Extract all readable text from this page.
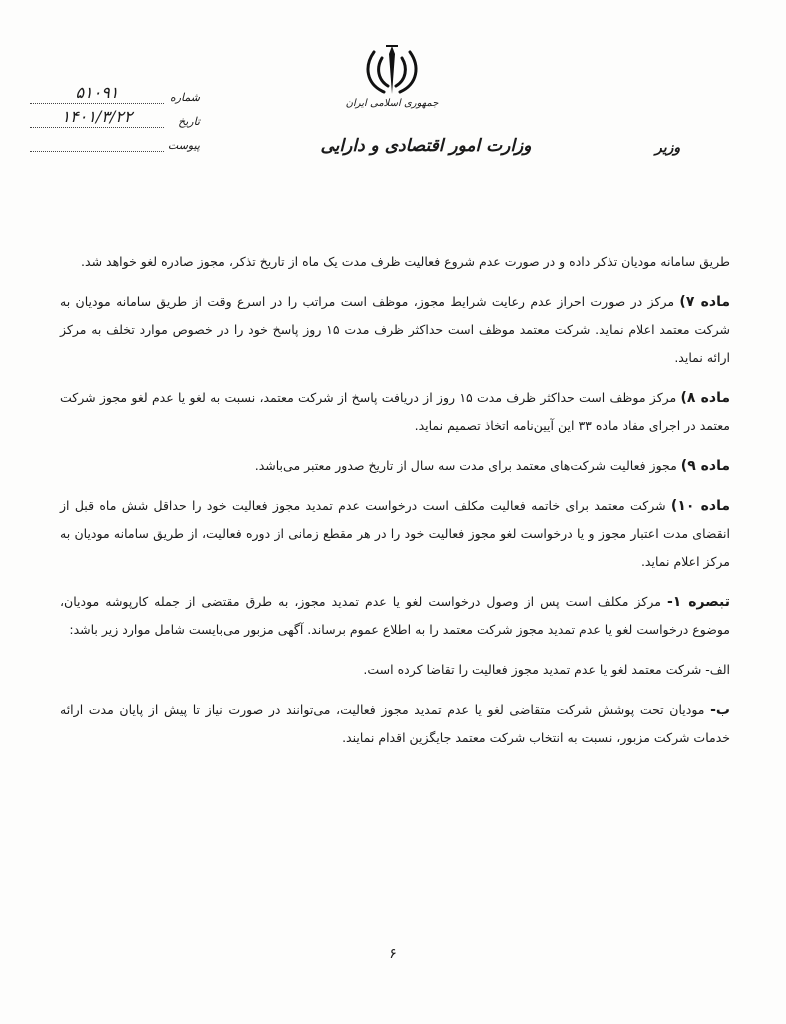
جمهوری اسلامی ایران
وزارت امور اقتصادی و دارایی	وزیر
شماره
۵۱۰۹۱
تاریخ
۱۴۰۱/۳/۲۲
پیوست

طریق سامانه مودیان تذکر داده و در صورت عدم شروع فعالیت ظرف مدت یک ماه از تاریخ تذکر، مجوز صادره لغو خواهد شد.

ماده ۷) مرکز در صورت احراز عدم رعایت شرایط مجوز، موظف است مراتب را در اسرع وقت از طریق سامانه مودیان به شرکت معتمد اعلام نماید. شرکت معتمد موظف است حداکثر ظرف مدت ۱۵ روز پاسخ خود را در خصوص موارد تخلف به مرکز ارائه نماید.

ماده ۸) مرکز موظف است حداکثر ظرف مدت ۱۵ روز از دریافت پاسخ از شرکت معتمد، نسبت به لغو یا عدم لغو مجوز شرکت معتمد در اجرای مفاد ماده ۳۳ این آیین‌نامه اتخاذ تصمیم نماید.

ماده ۹) مجوز فعالیت شرکت‌های معتمد برای مدت سه سال از تاریخ صدور معتبر می‌باشد.

ماده ۱۰) شرکت معتمد برای خاتمه فعالیت مکلف است درخواست عدم تمدید مجوز فعالیت خود را حداقل شش ماه قبل از انقضای مدت اعتبار مجوز و یا درخواست لغو مجوز فعالیت خود را در هر مقطع زمانی از دوره فعالیت، از طریق سامانه مودیان به مرکز اعلام نماید.

تبصره ۱- مرکز مکلف است پس از وصول درخواست لغو یا عدم تمدید مجوز، به طرق مقتضی از جمله کارپوشه مودیان، موضوع درخواست لغو یا عدم تمدید مجوز شرکت معتمد را به اطلاع عموم برساند. آگهی مزبور می‌بایست شامل موارد زیر باشد:

الف- شرکت معتمد لغو یا عدم تمدید مجوز فعالیت را تقاضا کرده است.

ب- مودیان تحت پوشش شرکت متقاضی لغو یا عدم تمدید مجوز فعالیت، می‌توانند در صورت نیاز تا پیش از پایان مدت ارائه خدمات شرکت مزبور، نسبت به انتخاب شرکت معتمد جایگزین اقدام نمایند.

۶
